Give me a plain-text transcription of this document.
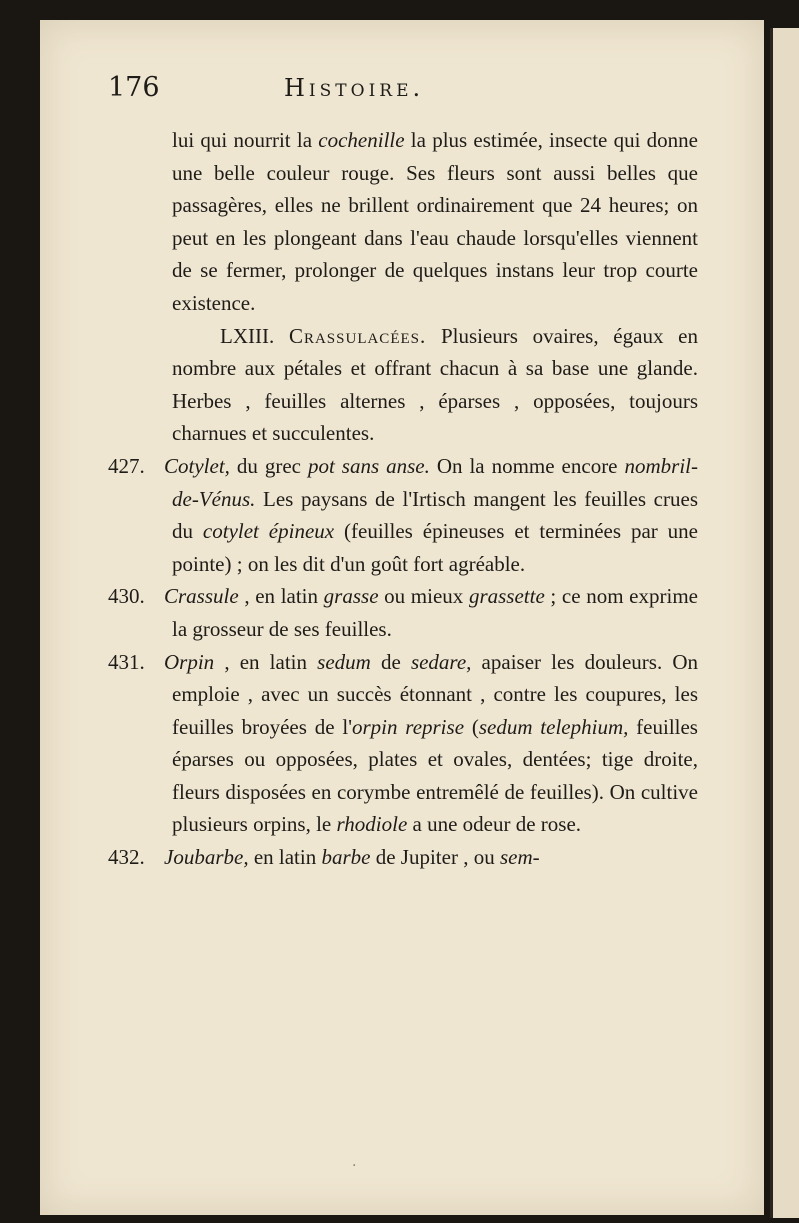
176	Histoire.

lui qui nourrit la cochenille la plus estimée, insecte qui donne une belle couleur rouge. Ses fleurs sont aussi belles que passagères, elles ne brillent ordinairement que 24 heures; on peut en les plongeant dans l'eau chaude lorsqu'elles viennent de se fermer, prolonger de quelques instans leur trop courte existence.

LXIII. Crassulacées. Plusieurs ovaires, égaux en nombre aux pétales et offrant chacun à sa base une glande. Herbes , feuilles alternes , éparses , opposées, toujours charnues et succulentes.

427. Cotylet, du grec pot sans anse. On la nomme encore nombril-de-Vénus. Les paysans de l'Irtisch mangent les feuilles crues du cotylet épineux (feuilles épineuses et terminées par une pointe) ; on les dit d'un goût fort agréable.

430. Crassule , en latin grasse ou mieux grassette ; ce nom exprime la grosseur de ses feuilles.

431. Orpin , en latin sedum de sedare, apaiser les douleurs. On emploie , avec un succès étonnant , contre les coupures, les feuilles broyées de l'orpin reprise (sedum telephium, feuilles éparses ou opposées, plates et ovales, dentées; tige droite, fleurs disposées en corymbe entremêlé de feuilles). On cultive plusieurs orpins, le rhodiole a une odeur de rose.

432. Joubarbe, en latin barbe de Jupiter , ou sem-

·
